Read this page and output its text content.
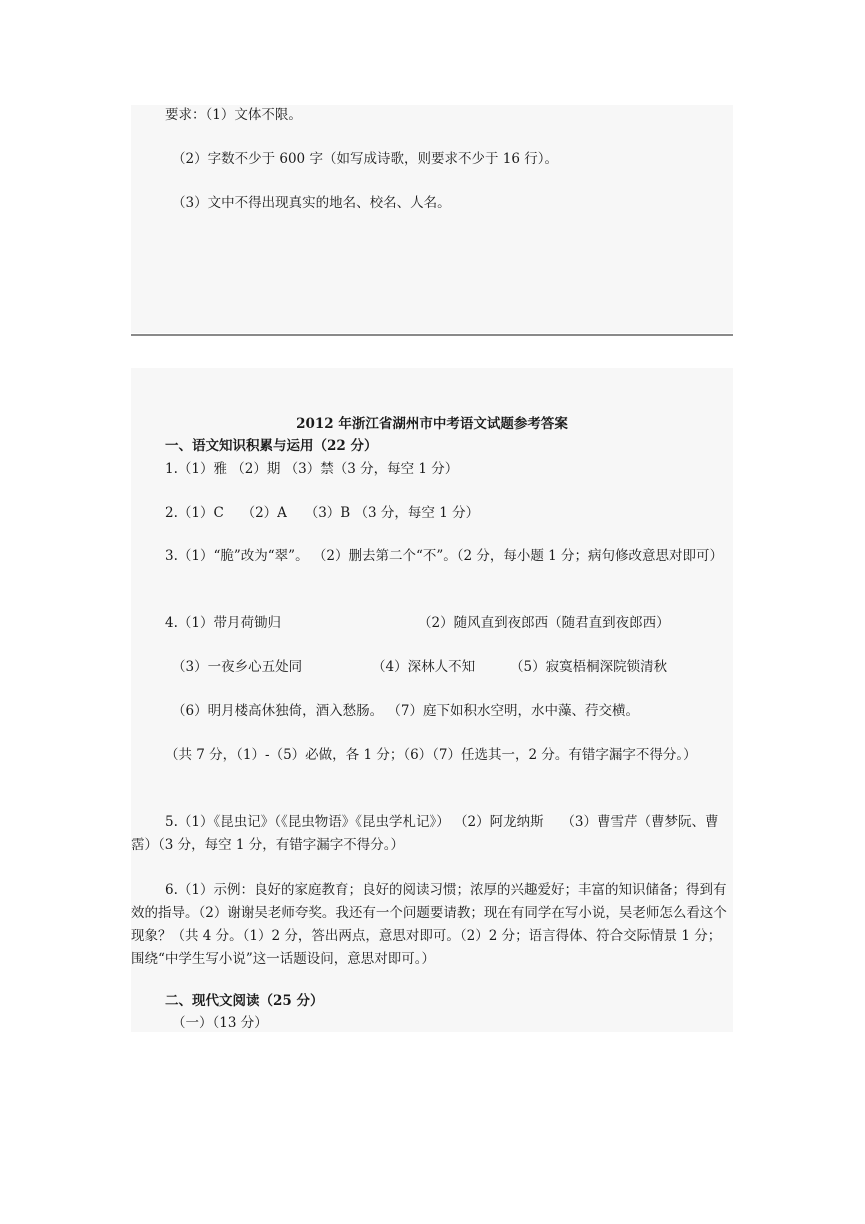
要求：（1）文体不限。
（2）字数不少于 600 字（如写成诗歌，则要求不少于 16 行）。
（3）文中不得出现真实的地名、校名、人名。
2012 年浙江省湖州市中考语文试题参考答案
一、语文知识积累与运用（22 分）
1.（1）雅 （2）期 （3）禁（3 分，每空 1 分）
2.（1）C　 （2）A　 （3）B （3 分，每空 1 分）
3.（1）“脆”改为“翠”。 （2）删去第二个“不”。（2 分，每小题 1 分；病句修改意思对即可）
4.（1）带月荷锄归	（2）随风直到夜郎西（随君直到夜郎西）
（3）一夜乡心五处同	（4）深林人不知	（5）寂寞梧桐深院锁清秋
（6）明月楼高休独倚，酒入愁肠。 （7）庭下如积水空明，水中藻、荇交横。
（共 7 分，（1）-（5）必做，各 1 分；（6）（7）任选其一，2 分。有错字漏字不得分。）
5.（1）《昆虫记》（《昆虫物语》《昆虫学札记》） （2）阿龙纳斯　 （3）曹雪芹（曹梦阮、曹霑）（3 分，每空 1 分，有错字漏字不得分。）
6.（1）示例：良好的家庭教育；良好的阅读习惯；浓厚的兴趣爱好；丰富的知识储备；得到有效的指导。（2）谢谢吴老师夸奖。我还有一个问题要请教；现在有同学在写小说，吴老师怎么看这个现象？（共 4 分。（1）2 分，答出两点，意思对即可。（2）2 分；语言得体、符合交际情景 1 分；围绕“中学生写小说”这一话题设问，意思对即可。）
二、现代文阅读（25 分）
（一）（13 分）
